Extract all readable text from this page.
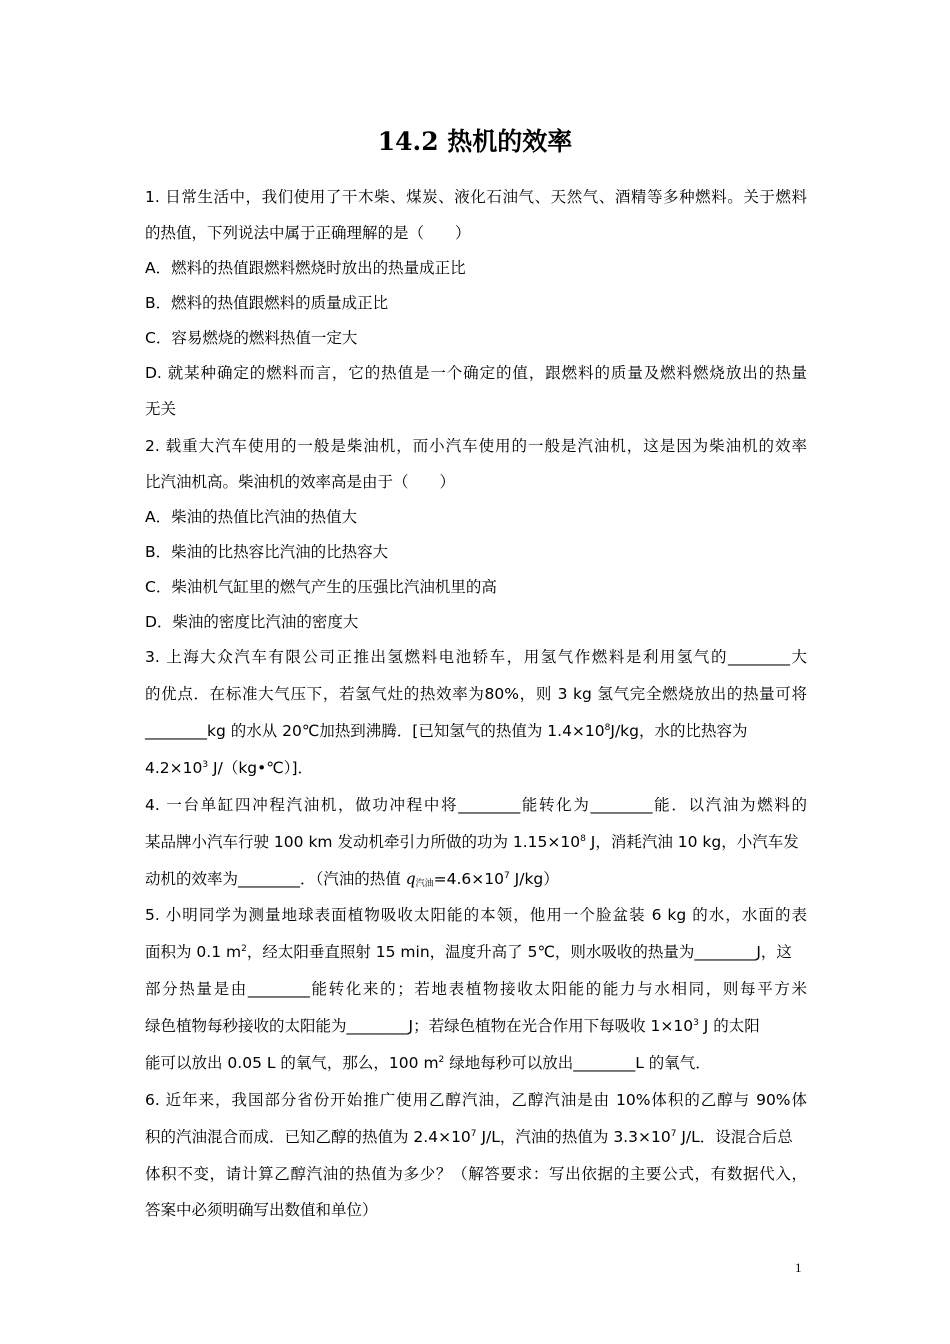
14.2 热机的效率
1. 日常生活中，我们使用了干木柴、煤炭、液化石油气、天然气、酒精等多种燃料。关于燃料
的热值，下列说法中属于正确理解的是（　　）
A．燃料的热值跟燃料燃烧时放出的热量成正比
B．燃料的热值跟燃料的质量成正比
C．容易燃烧的燃料热值一定大
D. 就某种确定的燃料而言，它的热值是一个确定的值，跟燃料的质量及燃料燃烧放出的热量
无关
2. 载重大汽车使用的一般是柴油机，而小汽车使用的一般是汽油机，这是因为柴油机的效率
比汽油机高。柴油机的效率高是由于（　　）
A．柴油的热值比汽油的热值大
B．柴油的比热容比汽油的比热容大
C．柴油机气缸里的燃气产生的压强比汽油机里的高
D．柴油的密度比汽油的密度大
3. 上海大众汽车有限公司正推出氢燃料电池轿车，用氢气作燃料是利用氢气的________大
的优点．在标准大气压下，若氢气灶的热效率为80%，则 3 kg 氢气完全燃烧放出的热量可将
________kg 的水从 20℃加热到沸腾．[已知氢气的热值为 $1.4\times 10^8J/kg$，水的比热容为
$4.2\times 10^3$ J/（kg•℃）]．
4. 一台单缸四冲程汽油机，做功冲程中将________能转化为________能．以汽油为燃料的
某品牌小汽车行驶 100 km 发动机牵引力所做的功为 $1.15\times 10^8$ J，消耗汽油 10 kg，小汽车发
动机的效率为________．（汽油的热值 $q_{汽油}=4.6\times 10^7$ J/kg）
5. 小明同学为测量地球表面植物吸收太阳能的本领，他用一个脸盆装 6 kg 的水，水面的表
面积为 0.1 $m^2$，经太阳垂直照射 15 min，温度升高了 5℃，则水吸收的热量为________J，这
部分热量是由________能转化来的；若地表植物接收太阳能的能力与水相同，则每平方米
绿色植物每秒接收的太阳能为________J；若绿色植物在光合作用下每吸收 $1\times 10^3$ J 的太阳
能可以放出 0.05 L 的氧气，那么，100 $m^2$ 绿地每秒可以放出________L 的氧气．
6. 近年来，我国部分省份开始推广使用乙醇汽油，乙醇汽油是由 10%体积的乙醇与 90%体
积的汽油混合而成．已知乙醇的热值为 $2.4\times 10^7$ J/L，汽油的热值为 $3.3\times 10^7$ J/L．设混合后总
体积不变，请计算乙醇汽油的热值为多少？（解答要求：写出依据的主要公式，有数据代入，
答案中必须明确写出数值和单位）
1
